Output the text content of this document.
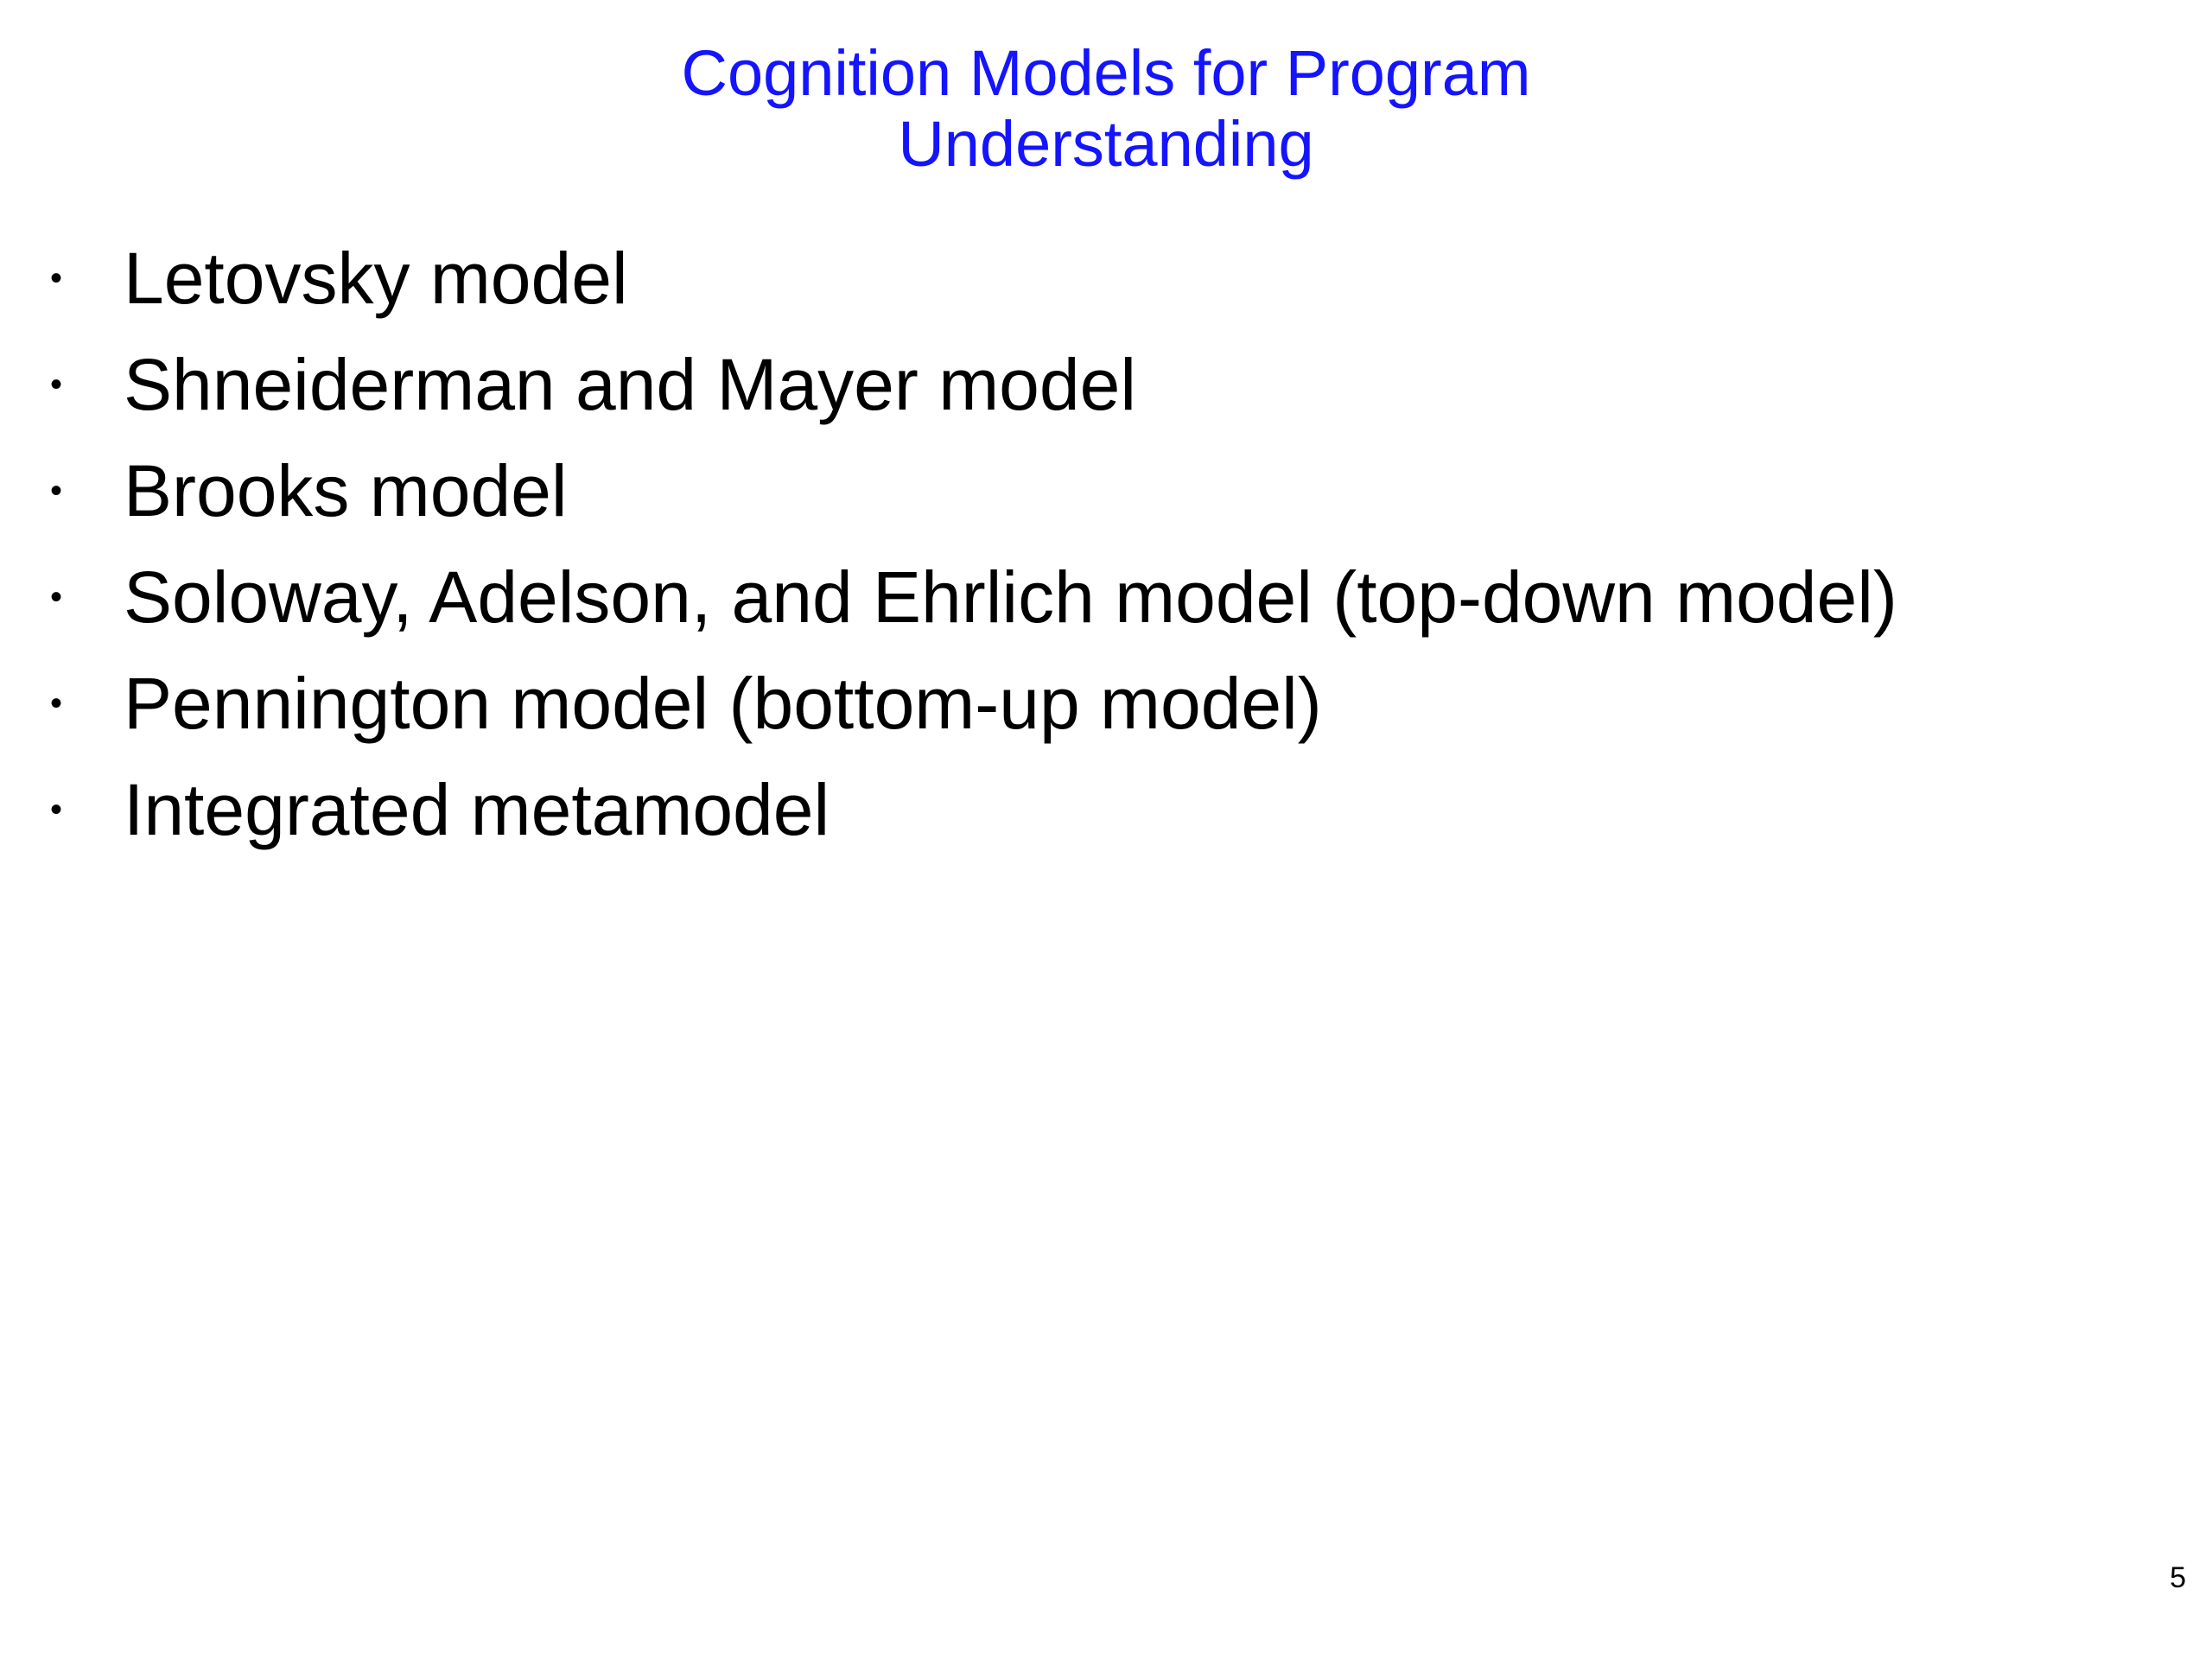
Cognition Models for Program
Understanding
• Letovsky model
• Shneiderman and Mayer model
• Brooks model
• Soloway, Adelson, and Ehrlich model (top-down model)
• Pennington model (bottom-up model)
• Integrated metamodel
5
